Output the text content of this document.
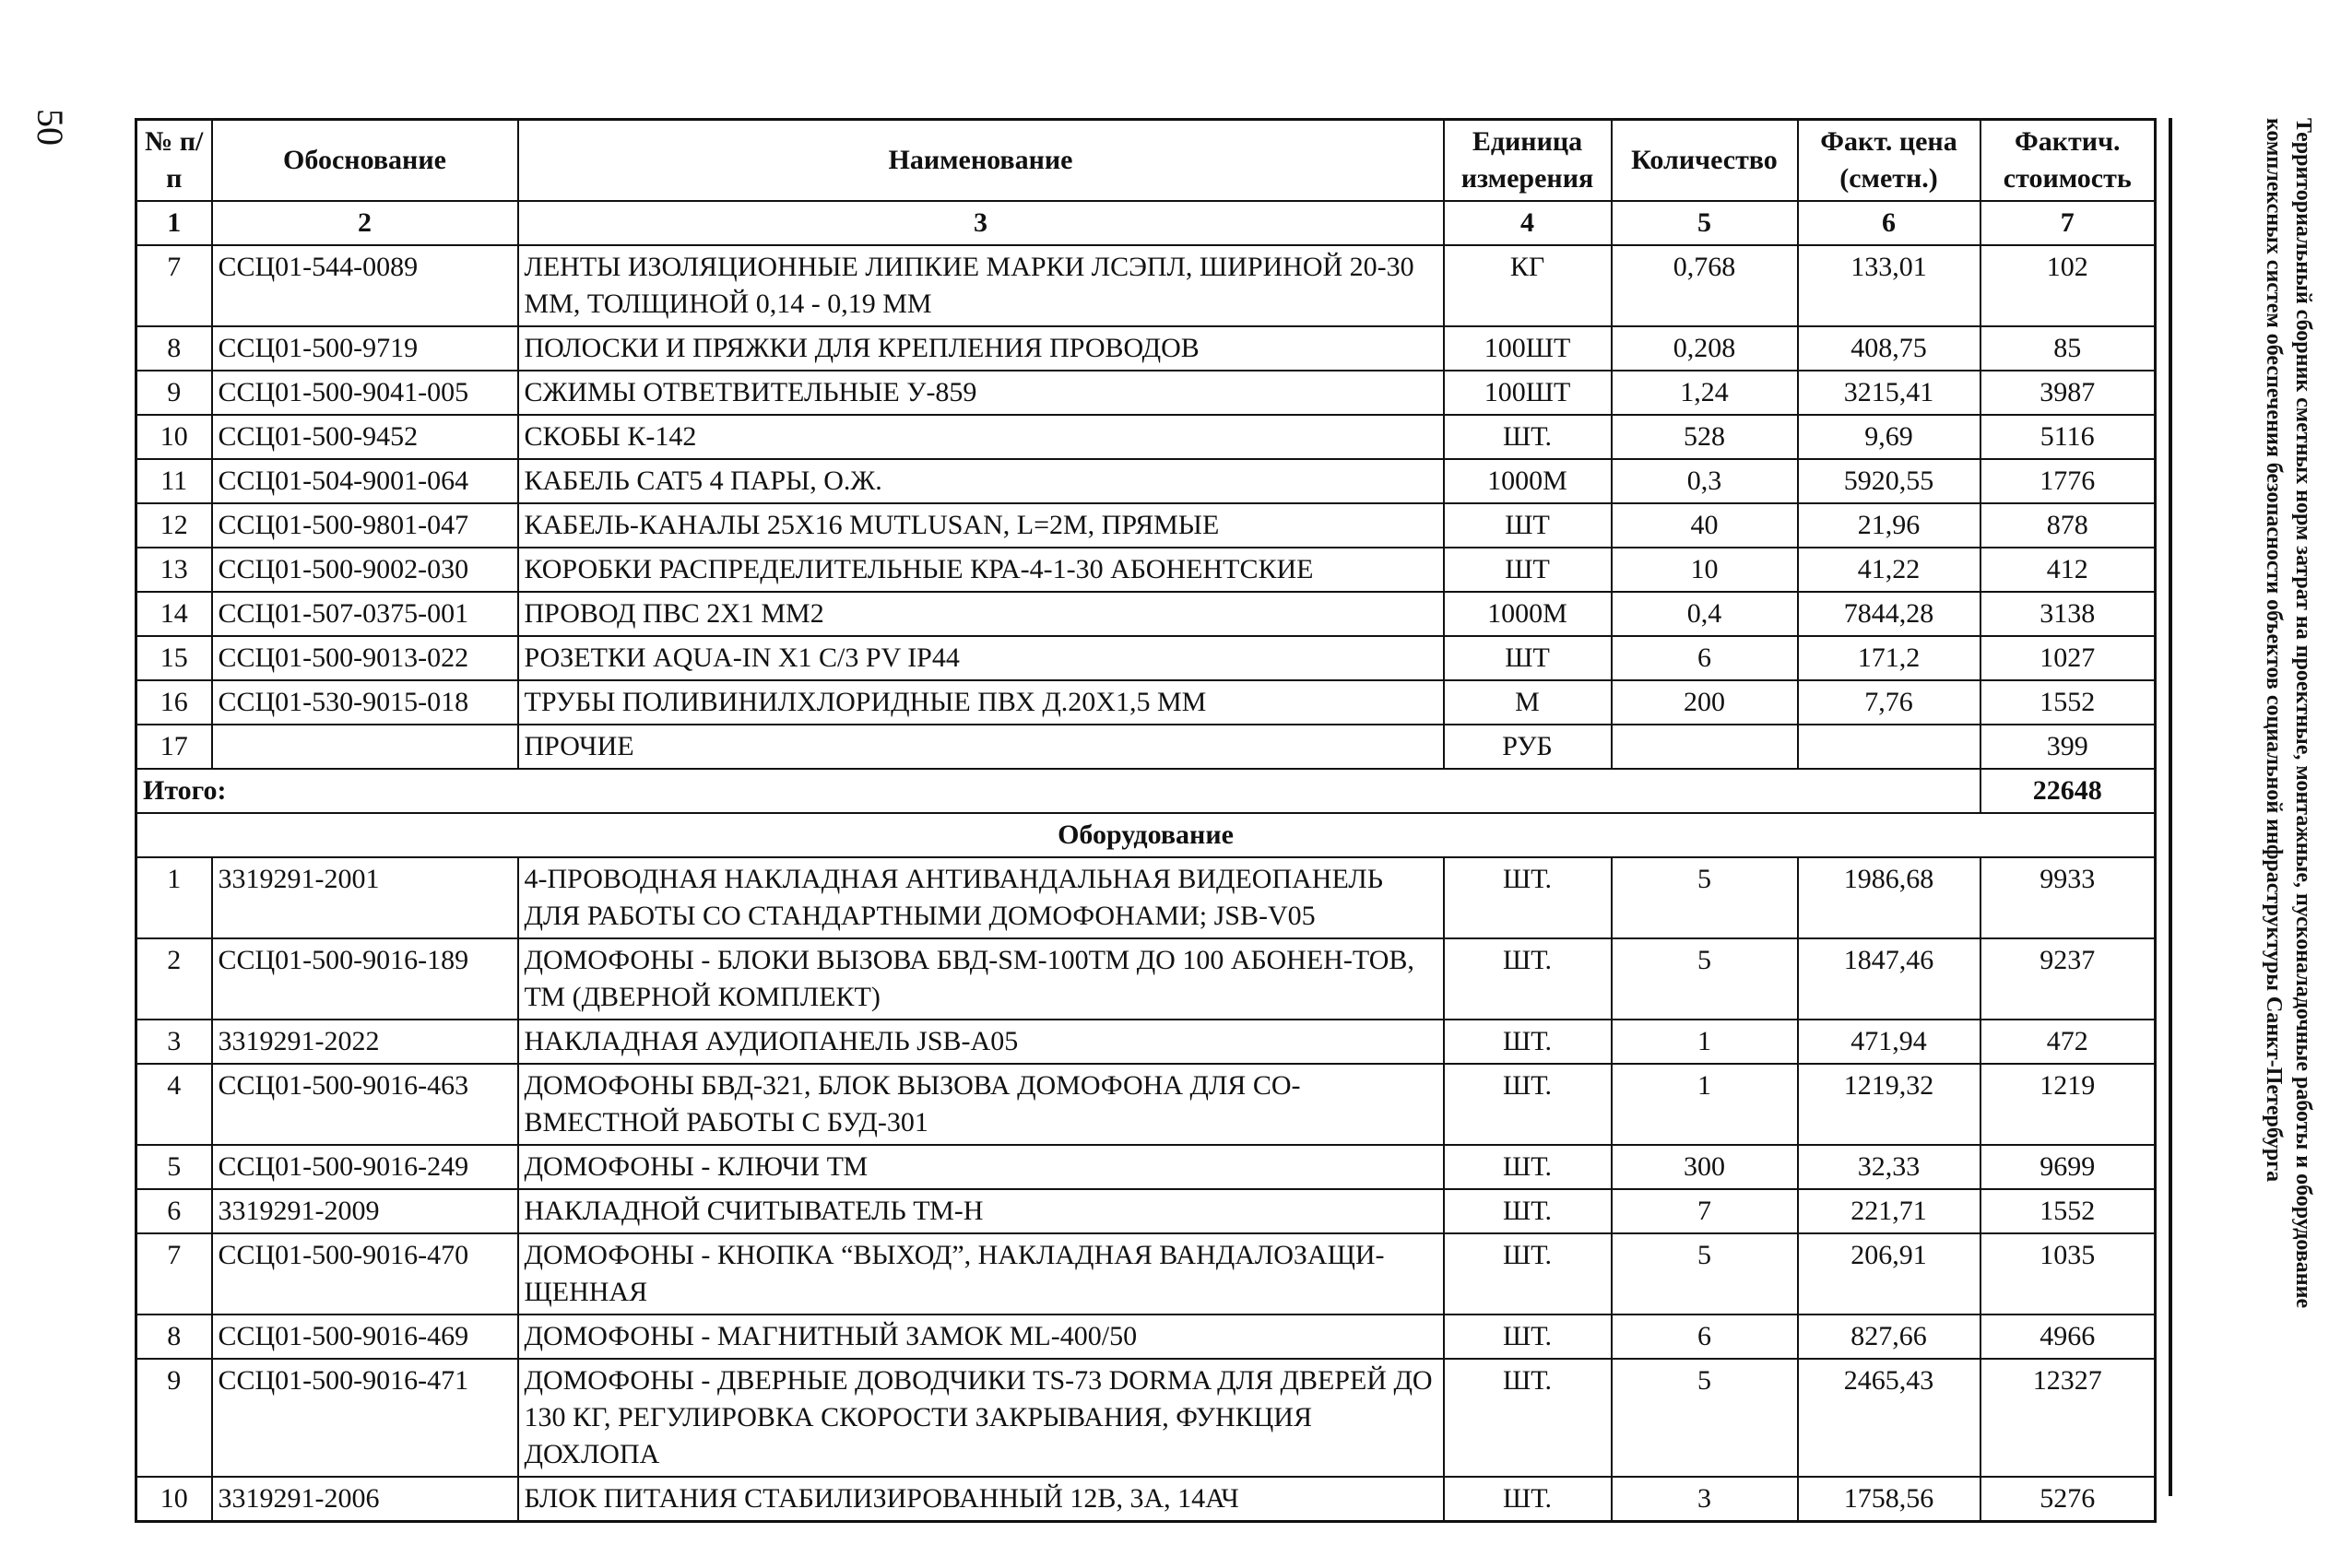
50	Территориальный сборник сметных норм затрат на проектные, монтажные, пусконаладочные работы и оборудование
комплексных систем обеспечения безопасности объектов социальной инфраструктуры Санкт-Петербурга
№ п/п	Обоснование	Наименование	Единица измерения	Количество	Факт. цена (сметн.)	Фактич. стоимость
1	2	3	4	5	6	7
7	ССЦ01-544-0089	ЛЕНТЫ ИЗОЛЯЦИОННЫЕ ЛИПКИЕ МАРКИ ЛСЭПЛ, ШИРИНОЙ 20-30 ММ, ТОЛЩИНОЙ 0,14 - 0,19 ММ	КГ	0,768	133,01	102
8	ССЦ01-500-9719	ПОЛОСКИ И ПРЯЖКИ ДЛЯ КРЕПЛЕНИЯ ПРОВОДОВ	100ШТ	0,208	408,75	85
9	ССЦ01-500-9041-005	СЖИМЫ ОТВЕТВИТЕЛЬНЫЕ У-859	100ШТ	1,24	3215,41	3987
10	ССЦ01-500-9452	СКОБЫ К-142	ШТ.	528	9,69	5116
11	ССЦ01-504-9001-064	КАБЕЛЬ CAT5 4 ПАРЫ, О.Ж.	1000М	0,3	5920,55	1776
12	ССЦ01-500-9801-047	КАБЕЛЬ-КАНАЛЫ 25Х16 MUTLUSAN, L=2M, ПРЯМЫЕ	ШТ	40	21,96	878
13	ССЦ01-500-9002-030	КОРОБКИ РАСПРЕДЕЛИТЕЛЬНЫЕ КРА-4-1-30 АБОНЕНТСКИЕ	ШТ	10	41,22	412
14	ССЦ01-507-0375-001	ПРОВОД ПВС 2Х1 ММ2	1000М	0,4	7844,28	3138
15	ССЦ01-500-9013-022	РОЗЕТКИ AQUA-IN X1 C/3 PV IP44	ШТ	6	171,2	1027
16	ССЦ01-530-9015-018	ТРУБЫ ПОЛИВИНИЛХЛОРИДНЫЕ ПВХ Д.20Х1,5 ММ	М	200	7,76	1552
17		ПРОЧИЕ	РУБ			399
Итого:						22648
Оборудование						
1	3319291-2001	4-ПРОВОДНАЯ НАКЛАДНАЯ АНТИВАНДАЛЬНАЯ ВИДЕОПАНЕЛЬ ДЛЯ РАБОТЫ СО СТАНДАРТНЫМИ ДОМОФОНАМИ; JSB-V05	ШТ.	5	1986,68	9933
2	ССЦ01-500-9016-189	ДОМОФОНЫ - БЛОКИ ВЫЗОВА БВД-SM-100ТМ ДО 100 АБОНЕН-ТОВ, ТМ (ДВЕРНОЙ КОМПЛЕКТ)	ШТ.	5	1847,46	9237
3	3319291-2022	НАКЛАДНАЯ АУДИОПАНЕЛЬ JSB-A05	ШТ.	1	471,94	472
4	ССЦ01-500-9016-463	ДОМОФОНЫ БВД-321, БЛОК ВЫЗОВА ДОМОФОНА ДЛЯ СО-ВМЕСТНОЙ РАБОТЫ С БУД-301	ШТ.	1	1219,32	1219
5	ССЦ01-500-9016-249	ДОМОФОНЫ - КЛЮЧИ ТМ	ШТ.	300	32,33	9699
6	3319291-2009	НАКЛАДНОЙ СЧИТЫВАТЕЛЬ ТМ-Н	ШТ.	7	221,71	1552
7	ССЦ01-500-9016-470	ДОМОФОНЫ - КНОПКА “ВЫХОД”, НАКЛАДНАЯ ВАНДАЛОЗАЩИ-ЩЕННАЯ	ШТ.	5	206,91	1035
8	ССЦ01-500-9016-469	ДОМОФОНЫ - МАГНИТНЫЙ ЗАМОК ML-400/50	ШТ.	6	827,66	4966
9	ССЦ01-500-9016-471	ДОМОФОНЫ - ДВЕРНЫЕ ДОВОДЧИКИ TS-73 DORMA ДЛЯ ДВЕРЕЙ ДО 130 КГ, РЕГУЛИРОВКА СКОРОСТИ ЗАКРЫВАНИЯ, ФУНКЦИЯ ДОХЛОПА	ШТ.	5	2465,43	12327
10	3319291-2006	БЛОК ПИТАНИЯ СТАБИЛИЗИРОВАННЫЙ 12В, 3А, 14АЧ	ШТ.	3	1758,56	5276
